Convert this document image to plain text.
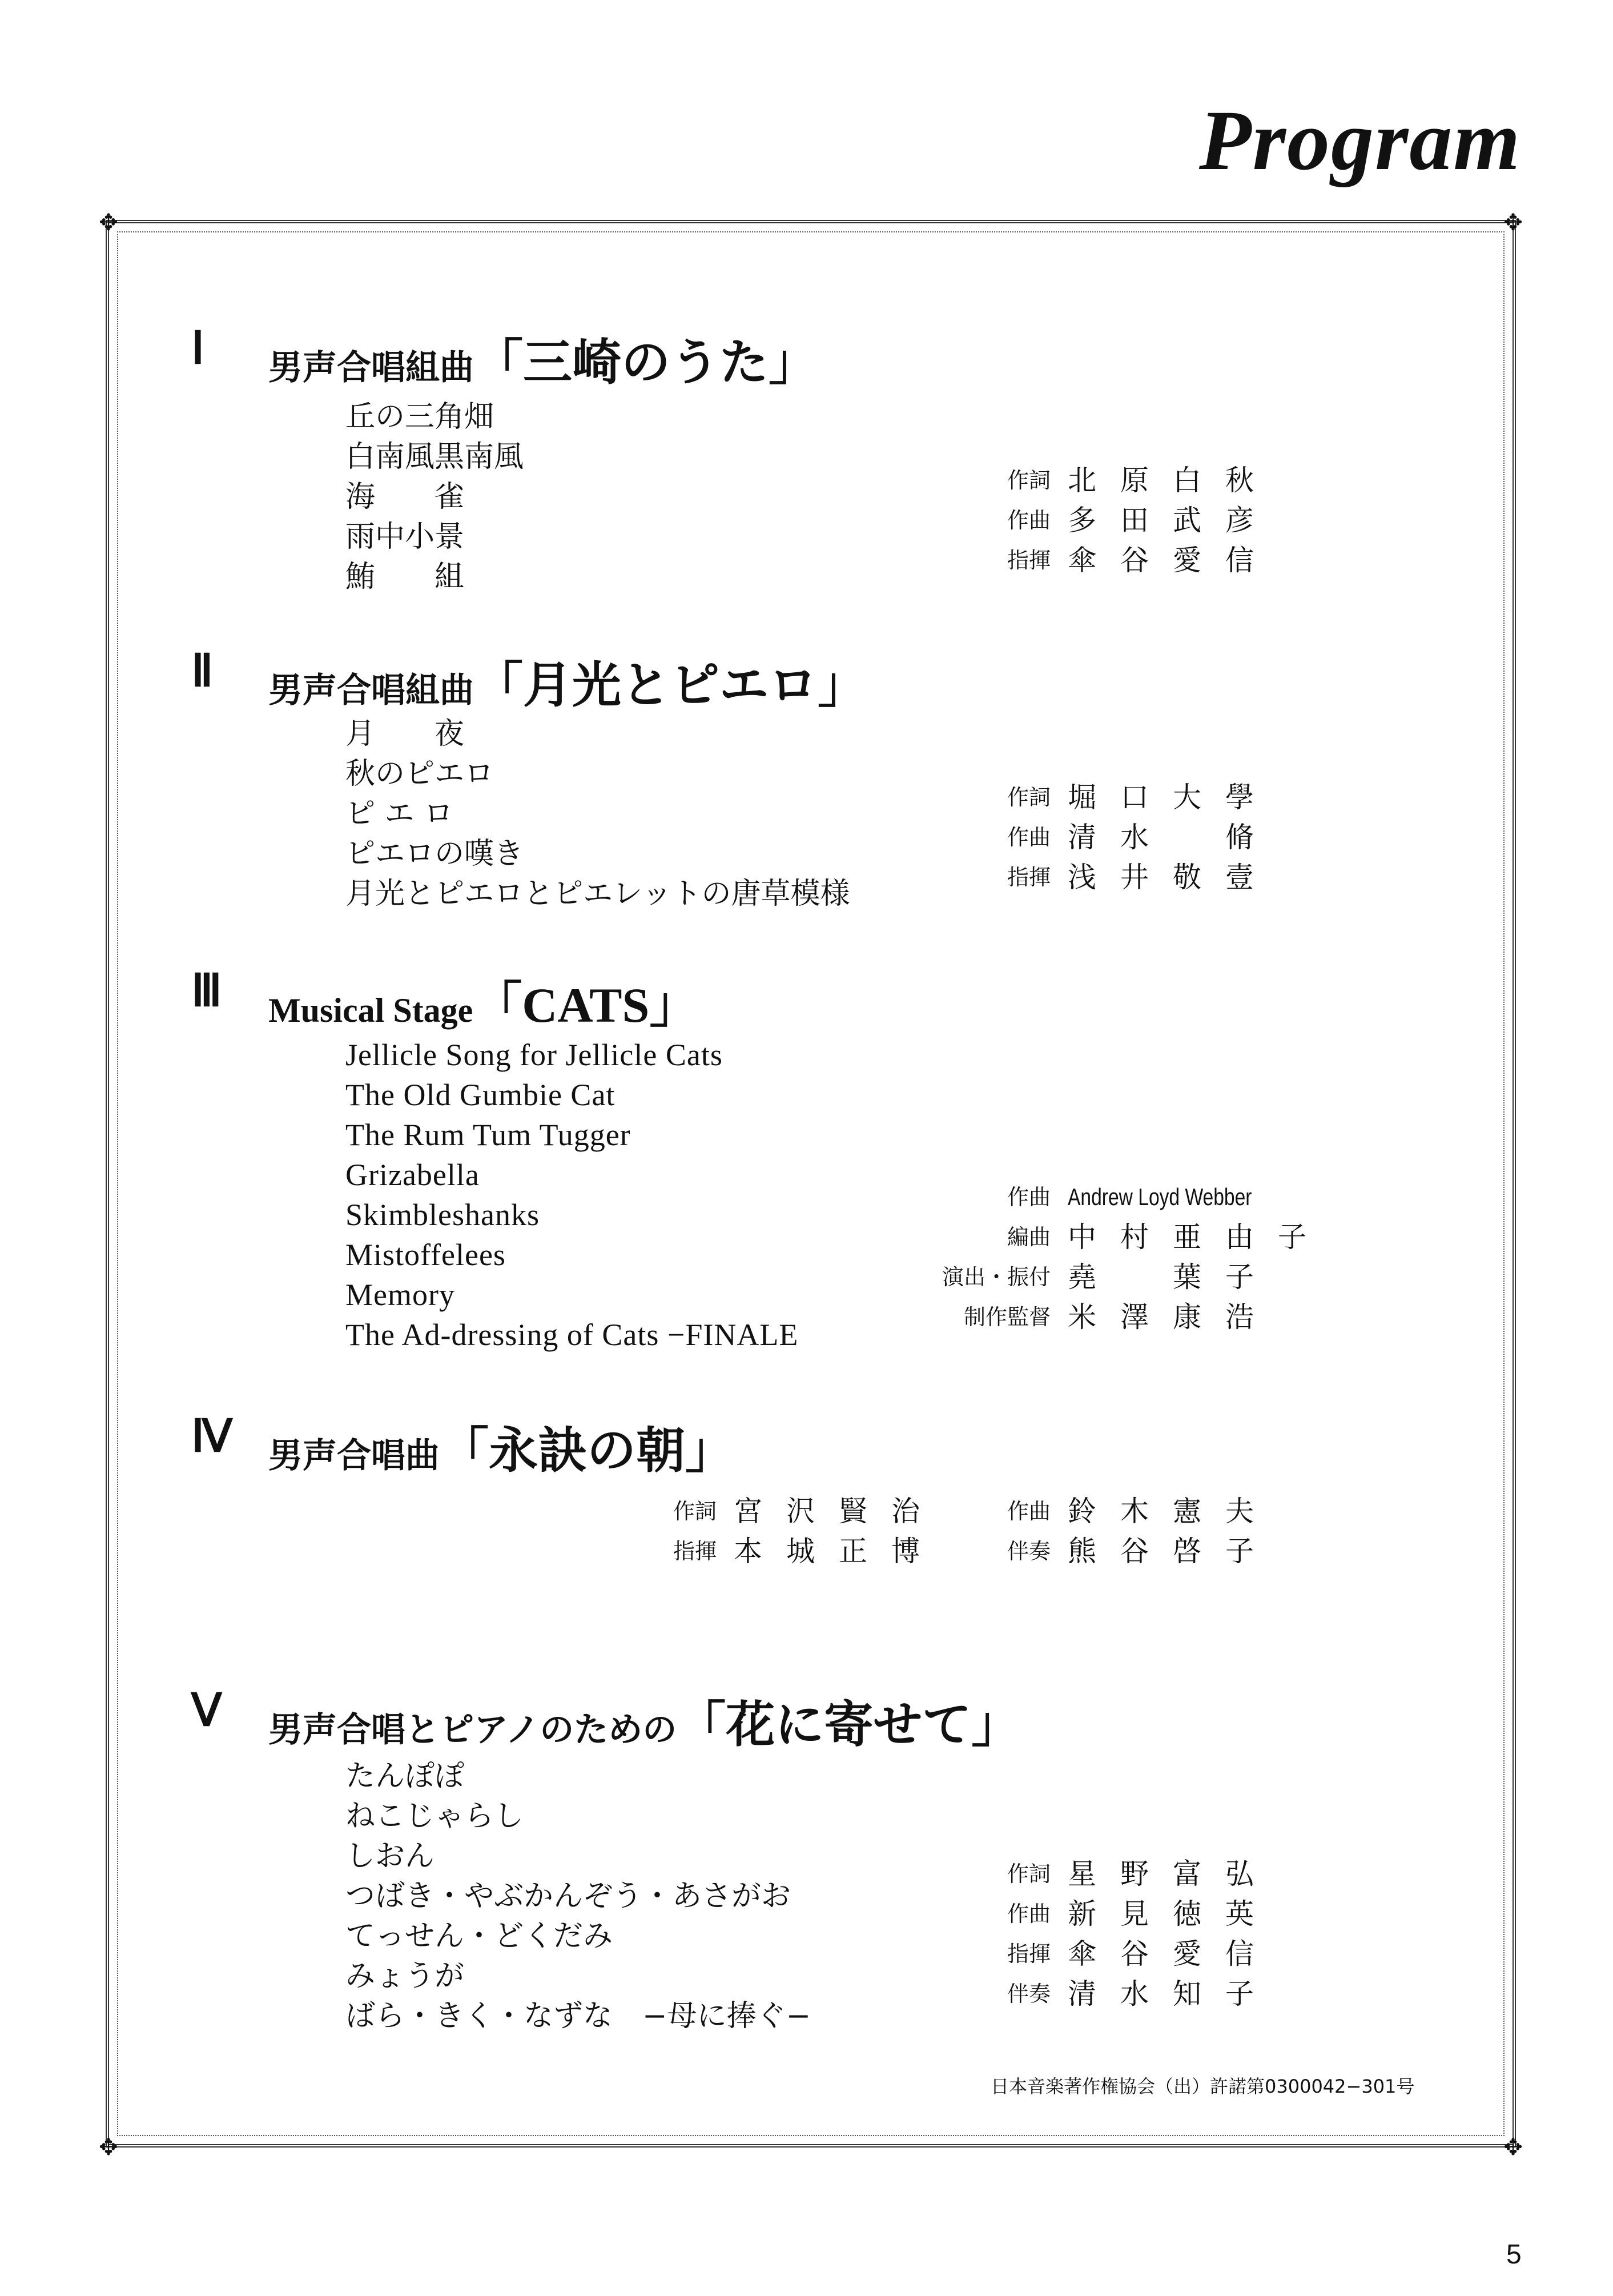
Program
✥	✥
✥	✥
Ⅰ 男声合唱組曲「三崎のうた」
丘の三角畑
白南風黒南風
海　　雀
雨中小景
鮪　　組
作詞 北原白秋
作曲 多田武彦
指揮 傘谷愛信
Ⅱ 男声合唱組曲「月光とピエロ」
月　　夜
秋のピエロ
ピ エ ロ
ピエロの嘆き
月光とピエロとピエレットの唐草模様
作詞 堀口大學
作曲 清水　脩
指揮 浅井敬壹
Ⅲ Musical Stage「CATS」
Jellicle Song for Jellicle Cats
The Old Gumbie Cat
The Rum Tum Tugger
Grizabella
Skimbleshanks
Mistoffelees
Memory
The Ad-dressing of Cats −FINALE
作曲 Andrew Loyd Webber
編曲 中村亜由子
演出・振付 堯　葉子
制作監督 米澤康浩
Ⅳ 男声合唱曲「永訣の朝」
作詞 宮沢賢治
指揮 本城正博
作曲 鈴木憲夫
伴奏 熊谷啓子
Ⅴ 男声合唱とピアノのための「花に寄せて」
たんぽぽ
ねこじゃらし
しおん
つばき・やぶかんぞう・あさがお
てっせん・どくだみ
みょうが
ばら・きく・なずな　−母に捧ぐ−
作詞 星野富弘
作曲 新見徳英
指揮 傘谷愛信
伴奏 清水知子
日本音楽著作権協会（出）許諾第0300042−301号
5
